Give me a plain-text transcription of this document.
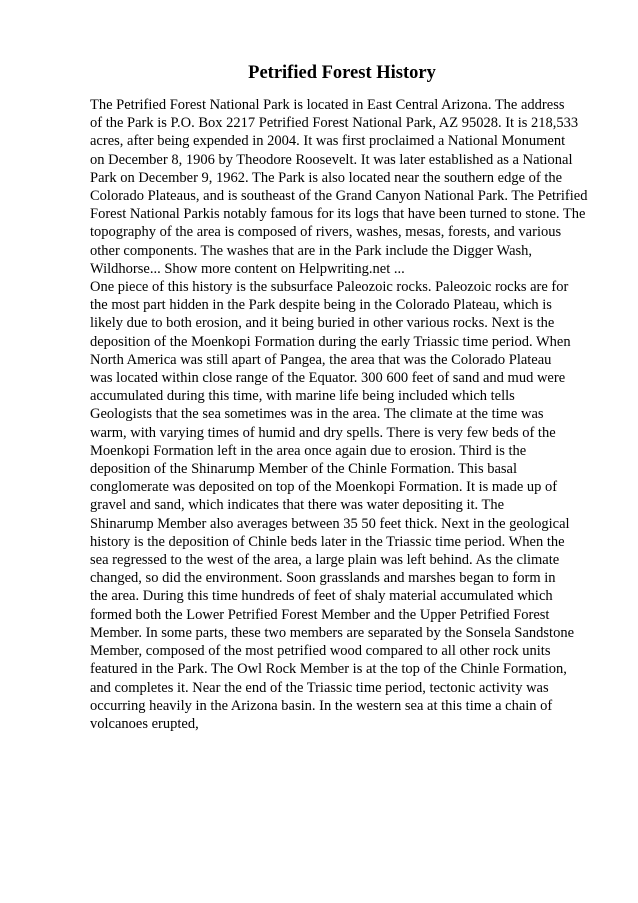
Petrified Forest History
The Petrified Forest National Park is located in East Central Arizona. The address
of the Park is P.O. Box 2217 Petrified Forest National Park, AZ 95028. It is 218,533
acres, after being expended in 2004. It was first proclaimed a National Monument
on December 8, 1906 by Theodore Roosevelt. It was later established as a National
Park on December 9, 1962. The Park is also located near the southern edge of the
Colorado Plateaus, and is southeast of the Grand Canyon National Park. The Petrified
Forest National Parkis notably famous for its logs that have been turned to stone. The
topography of the area is composed of rivers, washes, mesas, forests, and various
other components. The washes that are in the Park include the Digger Wash,
Wildhorse... Show more content on Helpwriting.net ...
One piece of this history is the subsurface Paleozoic rocks. Paleozoic rocks are for
the most part hidden in the Park despite being in the Colorado Plateau, which is
likely due to both erosion, and it being buried in other various rocks. Next is the
deposition of the Moenkopi Formation during the early Triassic time period. When
North America was still apart of Pangea, the area that was the Colorado Plateau
was located within close range of the Equator. 300 600 feet of sand and mud were
accumulated during this time, with marine life being included which tells
Geologists that the sea sometimes was in the area. The climate at the time was
warm, with varying times of humid and dry spells. There is very few beds of the
Moenkopi Formation left in the area once again due to erosion. Third is the
deposition of the Shinarump Member of the Chinle Formation. This basal
conglomerate was deposited on top of the Moenkopi Formation. It is made up of
gravel and sand, which indicates that there was water depositing it. The
Shinarump Member also averages between 35 50 feet thick. Next in the geological
history is the deposition of Chinle beds later in the Triassic time period. When the
sea regressed to the west of the area, a large plain was left behind. As the climate
changed, so did the environment. Soon grasslands and marshes began to form in
the area. During this time hundreds of feet of shaly material accumulated which
formed both the Lower Petrified Forest Member and the Upper Petrified Forest
Member. In some parts, these two members are separated by the Sonsela Sandstone
Member, composed of the most petrified wood compared to all other rock units
featured in the Park. The Owl Rock Member is at the top of the Chinle Formation,
and completes it. Near the end of the Triassic time period, tectonic activity was
occurring heavily in the Arizona basin. In the western sea at this time a chain of
volcanoes erupted,
